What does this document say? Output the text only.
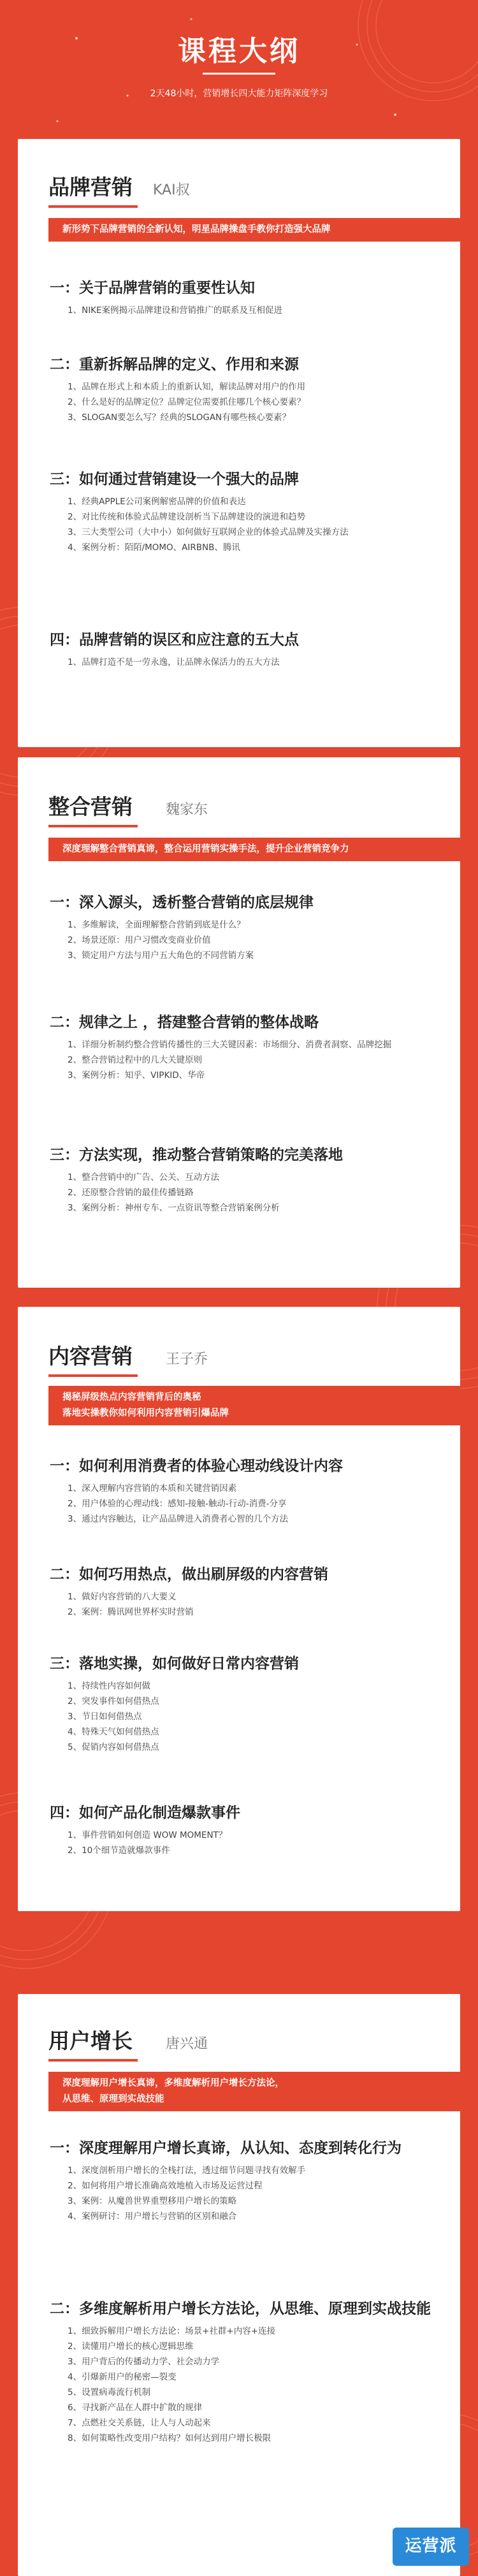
课程大纲
2天48小时，营销增长四大能力矩阵深度学习
品牌营销 KAI叔
新形势下品牌营销的全新认知，明星品牌操盘手教你打造强大品牌
一：关于品牌营销的重要性认知
1、NIKE案例揭示品牌建设和营销推广的联系及互相促进
二：重新拆解品牌的定义、作用和来源
1、品牌在形式上和本质上的重新认知，解读品牌对用户的作用
2、什么是好的品牌定位？品牌定位需要抓住哪几个核心要素？
3、SLOGAN要怎么写？经典的SLOGAN有哪些核心要素？
三：如何通过营销建设一个强大的品牌
1、经典APPLE公司案例解密品牌的价值和表达
2、对比传统和体验式品牌建设剖析当下品牌建设的演进和趋势
3、三大类型公司（大中小）如何做好互联网企业的体验式品牌及实操方法
4、案例分析：陌陌/MOMO、AIRBNB、腾讯
四：品牌营销的误区和应注意的五大点
1、品牌打造不是一劳永逸，让品牌永保活力的五大方法
整合营销 魏家东
深度理解整合营销真谛，整合运用营销实操手法，提升企业营销竞争力
一：深入源头，透析整合营销的底层规律
1、多维解读，全面理解整合营销到底是什么？
2、场景还原：用户习惯改变商业价值
3、锁定用户方法与用户五大角色的不同营销方案
二：规律之上 ，搭建整合营销的整体战略
1、详细分析制约整合营销传播性的三大关键因素：市场细分、消费者洞察、品牌挖掘
2、整合营销过程中的几大关键原则
3、案例分析：知乎、VIPKID、华帝
三：方法实现，推动整合营销策略的完美落地
1、整合营销中的广告、公关、互动方法
2、还原整合营销的最佳传播链路
3、案例分析：神州专车、一点资讯等整合营销案例分析
内容营销 王子乔
揭秘屏级热点内容营销背后的奥秘
落地实操教你如何利用内容营销引爆品牌
一：如何利用消费者的体验心理动线设计内容
1、深入理解内容营销的本质和关键营销因素
2、用户体验的心理动线：感知-接触-触动-行动-消费-分享
3、通过内容触达，让产品品牌进入消费者心智的几个方法
二：如何巧用热点，做出刷屏级的内容营销
1、做好内容营销的八大要义
2、案例：腾讯网世界杯实时营销
三：落地实操，如何做好日常内容营销
1、持续性内容如何做
2、突发事件如何借热点
3、节日如何借热点
4、特殊天气如何借热点
5、促销内容如何借热点
四：如何产品化制造爆款事件
1、事件营销如何创造 WOW MOMENT？
2、10个细节造就爆款事件
用户增长 唐兴通
深度理解用户增长真谛，多维度解析用户增长方法论，
从思维、原理到实战技能
一：深度理解用户增长真谛，从认知、态度到转化行为
1、深度剖析用户增长的全栈打法，透过细节问题寻找有效解手
2、如何将用户增长准确高效地植入市场及运营过程
3、案例：从魔兽世界重塑移用户增长的策略
4、案例研讨：用户增长与营销的区别和融合
二：多维度解析用户增长方法论，从思维、原理到实战技能
1、细致拆解用户增长方法论：场景+社群+内容+连接
2、读懂用户增长的核心逻辑思维
3、用户背后的传播动力学、社会动力学
4、引爆新用户的秘密—裂变
5、设置病毒流行机制
6、寻找新产品在人群中扩散的规律
7、点燃社交关系链，让人与人动起来
8、如何策略性改变用户结构？如何达到用户增长极限
运营派
